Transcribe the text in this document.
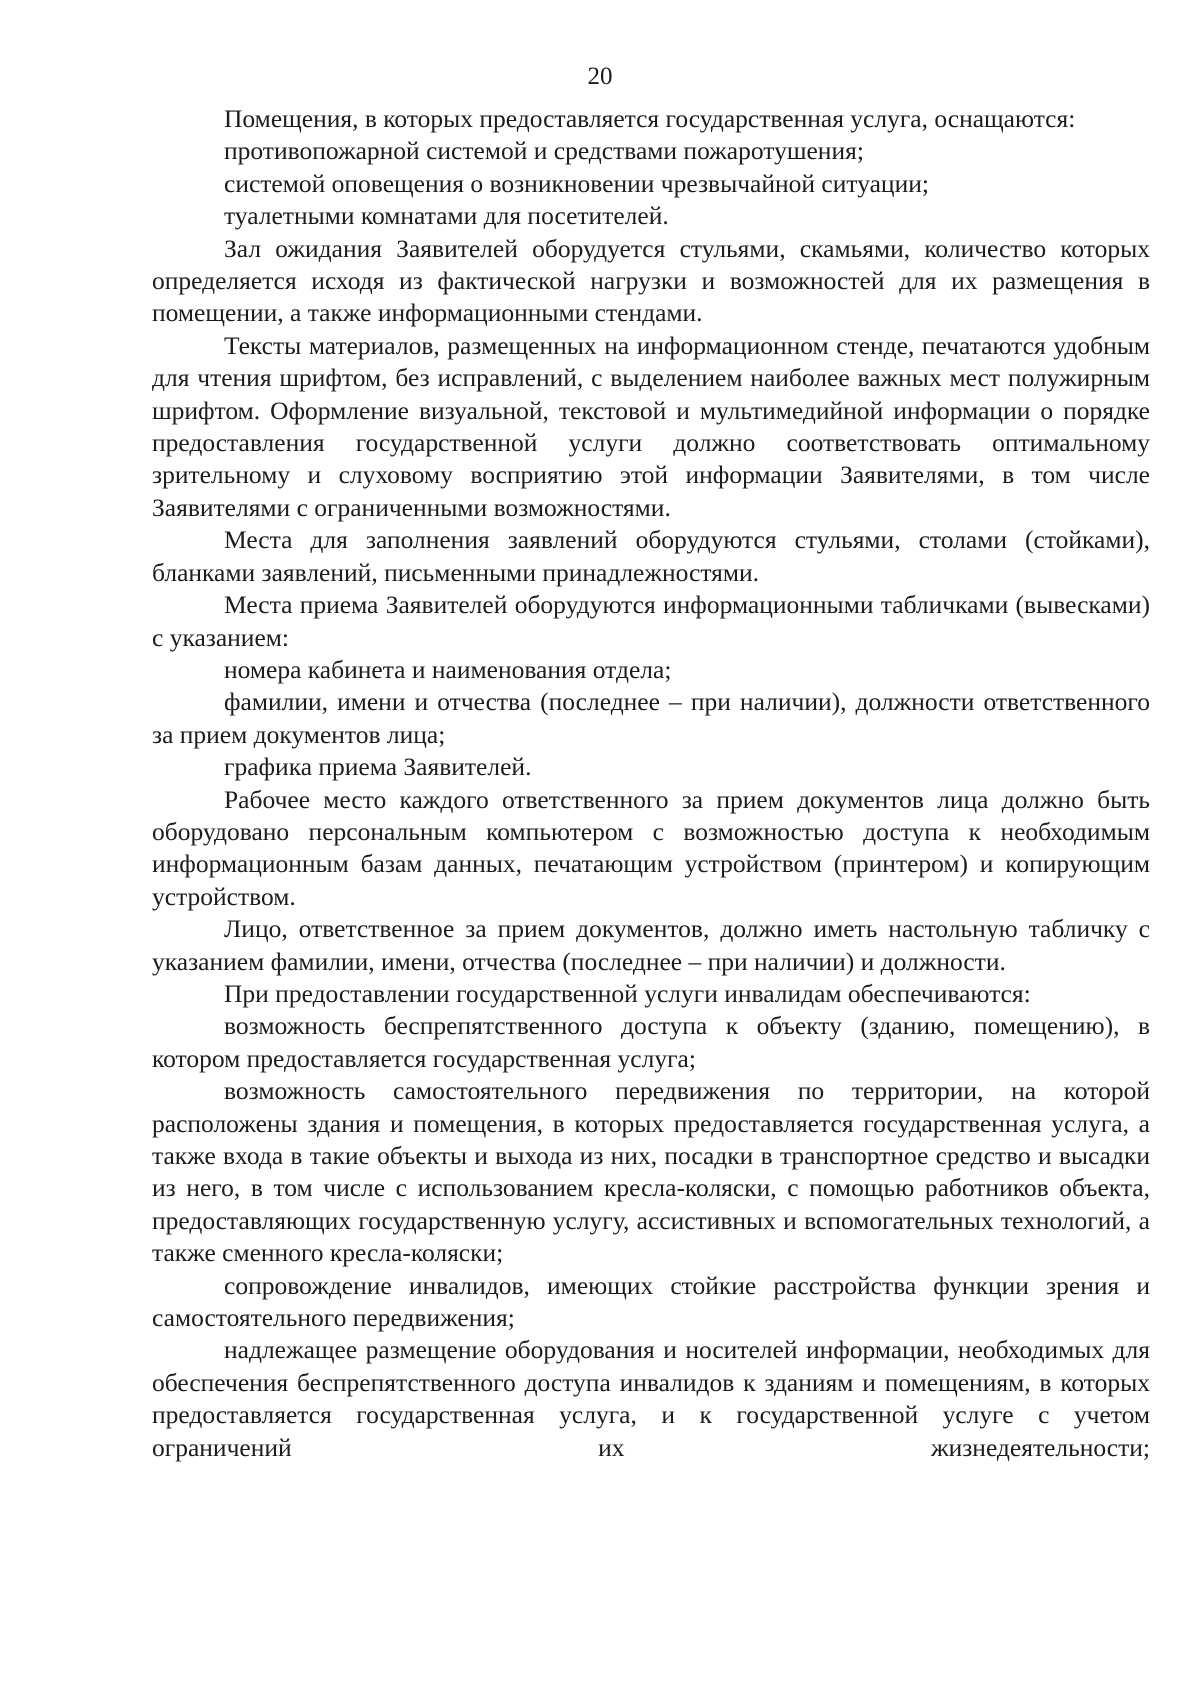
20

Помещения, в которых предоставляется государственная услуга, оснащаются:

противопожарной системой и средствами пожаротушения;

системой оповещения о возникновении чрезвычайной ситуации;

туалетными комнатами для посетителей.

Зал ожидания Заявителей оборудуется стульями, скамьями, количество которых определяется исходя из фактической нагрузки и возможностей для их размещения в помещении, а также информационными стендами.

Тексты материалов, размещенных на информационном стенде, печатаются удобным для чтения шрифтом, без исправлений, с выделением наиболее важных мест полужирным шрифтом. Оформление визуальной, текстовой и мультимедийной информации о порядке предоставления государственной услуги должно соответствовать оптимальному зрительному и слуховому восприятию этой информации Заявителями, в том числе Заявителями с ограниченными возможностями.

Места для заполнения заявлений оборудуются стульями, столами (стойками), бланками заявлений, письменными принадлежностями.

Места приема Заявителей оборудуются информационными табличками (вывесками) с указанием:

номера кабинета и наименования отдела;

фамилии, имени и отчества (последнее – при наличии), должности ответственного за прием документов лица;

графика приема Заявителей.

Рабочее место каждого ответственного за прием документов лица должно быть оборудовано персональным компьютером с возможностью доступа к необходимым информационным базам данных, печатающим устройством (принтером) и копирующим устройством.

Лицо, ответственное за прием документов, должно иметь настольную табличку с указанием фамилии, имени, отчества (последнее – при наличии) и должности.

При предоставлении государственной услуги инвалидам обеспечиваются:

возможность беспрепятственного доступа к объекту (зданию, помещению), в котором предоставляется государственная услуга;

возможность самостоятельного передвижения по территории, на которой расположены здания и помещения, в которых предоставляется государственная услуга, а также входа в такие объекты и выхода из них, посадки в транспортное средство и высадки из него, в том числе с использованием кресла-коляски, с помощью работников объекта, предоставляющих государственную услугу, ассистивных и вспомогательных технологий, а также сменного кресла-коляски;

сопровождение инвалидов, имеющих стойкие расстройства функции зрения и самостоятельного передвижения;

надлежащее размещение оборудования и носителей информации, необходимых для обеспечения беспрепятственного доступа инвалидов к зданиям и помещениям, в которых предоставляется государственная услуга, и к государственной услуге с учетом ограничений их жизнедеятельности;
